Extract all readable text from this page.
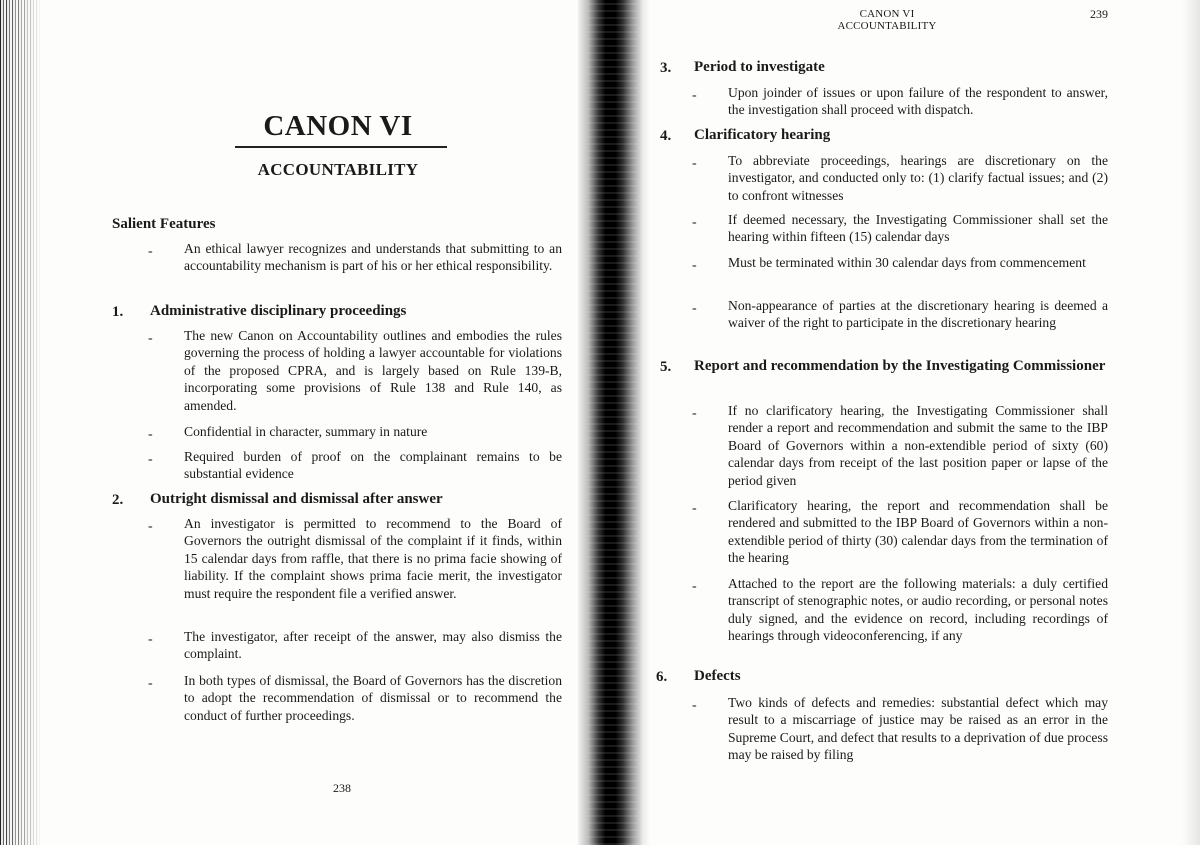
CANON VI
ACCOUNTABILITY
Salient Features
- An ethical lawyer recognizes and understands that submitting to an accountability mechanism is part of his or her ethical responsibility.
1. Administrative disciplinary proceedings
- The new Canon on Accountability outlines and embodies the rules governing the process of holding a lawyer accountable for violations of the proposed CPRA, and is largely based on Rule 139-B, incorporating some provisions of Rule 138 and Rule 140, as amended.
- Confidential in character, summary in nature
- Required burden of proof on the complainant remains to be substantial evidence
2. Outright dismissal and dismissal after answer
- An investigator is permitted to recommend to the Board of Governors the outright dismissal of the complaint if it finds, within 15 calendar days from raffle, that there is no prima facie showing of liability. If the complaint shows prima facie merit, the investigator must require the respondent file a verified answer.
- The investigator, after receipt of the answer, may also dismiss the complaint.
- In both types of dismissal, the Board of Governors has the discretion to adopt the recommendation of dismissal or to recommend the conduct of further proceedings.
238
CANON VI
ACCOUNTABILITY
239
3. Period to investigate
- Upon joinder of issues or upon failure of the respondent to answer, the investigation shall proceed with dispatch.
4. Clarificatory hearing
- To abbreviate proceedings, hearings are discretionary on the investigator, and conducted only to: (1) clarify factual issues; and (2) to confront witnesses
- If deemed necessary, the Investigating Commissioner shall set the hearing within fifteen (15) calendar days
- Must be terminated within 30 calendar days from commencement
- Non-appearance of parties at the discretionary hearing is deemed a waiver of the right to participate in the discretionary hearing
5. Report and recommendation by the Investigating Commissioner
- If no clarificatory hearing, the Investigating Commissioner shall render a report and recommendation and submit the same to the IBP Board of Governors within a non-extendible period of sixty (60) calendar days from receipt of the last position paper or lapse of the period given
- Clarificatory hearing, the report and recommendation shall be rendered and submitted to the IBP Board of Governors within a non-extendible period of thirty (30) calendar days from the termination of the hearing
- Attached to the report are the following materials: a duly certified transcript of stenographic notes, or audio recording, or personal notes duly signed, and the evidence on record, including recordings of hearings through videoconferencing, if any
6. Defects
- Two kinds of defects and remedies: substantial defect which may result to a miscarriage of justice may be raised as an error in the Supreme Court, and defect that results to a deprivation of due process may be raised by filing
